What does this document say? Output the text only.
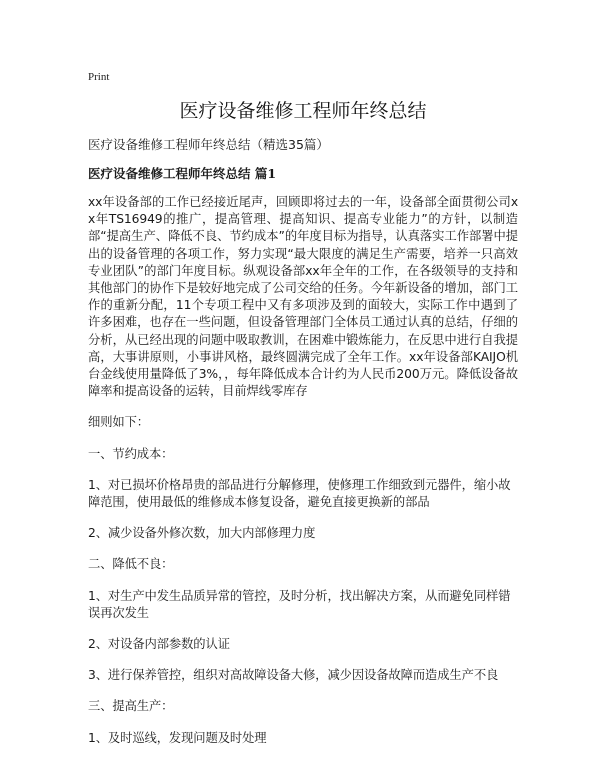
Print
医疗设备维修工程师年终总结

医疗设备维修工程师年终总结（精选35篇）

医疗设备维修工程师年终总结 篇1

xx年设备部的工作已经接近尾声，回顾即将过去的一年，设备部全面贯彻公司xx年TS16949的推广，提高管理、提高知识、提高专业能力”的方针，以制造部“提高生产、降低不良、节约成本”的年度目标为指导，认真落实工作部署中提出的设备管理的各项工作，努力实现“最大限度的满足生产需要，培养一只高效专业团队”的部门年度目标。纵观设备部xx年全年的工作，在各级领导的支持和其他部门的协作下是较好地完成了公司交给的任务。今年新设备的增加，部门工作的重新分配，11个专项工程中又有多项涉及到的面较大，实际工作中遇到了许多困难，也存在一些问题，但设备管理部门全体员工通过认真的总结，仔细的分析，从已经出现的问题中吸取教训，在困难中锻炼能力，在反思中进行自我提高，大事讲原则，小事讲风格，最终圆满完成了全年工作。xx年设备部KAIJO机台金线使用量降低了3%，，每年降低成本合计约为人民币200万元。降低设备故障率和提高设备的运转，目前焊线零库存

细则如下：

一、节约成本：

1、对已损坏价格昂贵的部品进行分解修理，使修理工作细致到元器件，缩小故障范围，使用最低的维修成本修复设备，避免直接更换新的部品

2、减少设备外修次数，加大内部修理力度

二、降低不良：

1、对生产中发生品质异常的管控，及时分析，找出解决方案，从而避免同样错误再次发生

2、对设备内部参数的认证

3、进行保养管控，组织对高故障设备大修，减少因设备故障而造成生产不良

三、提高生产：

1、及时巡线，发现问题及时处理
